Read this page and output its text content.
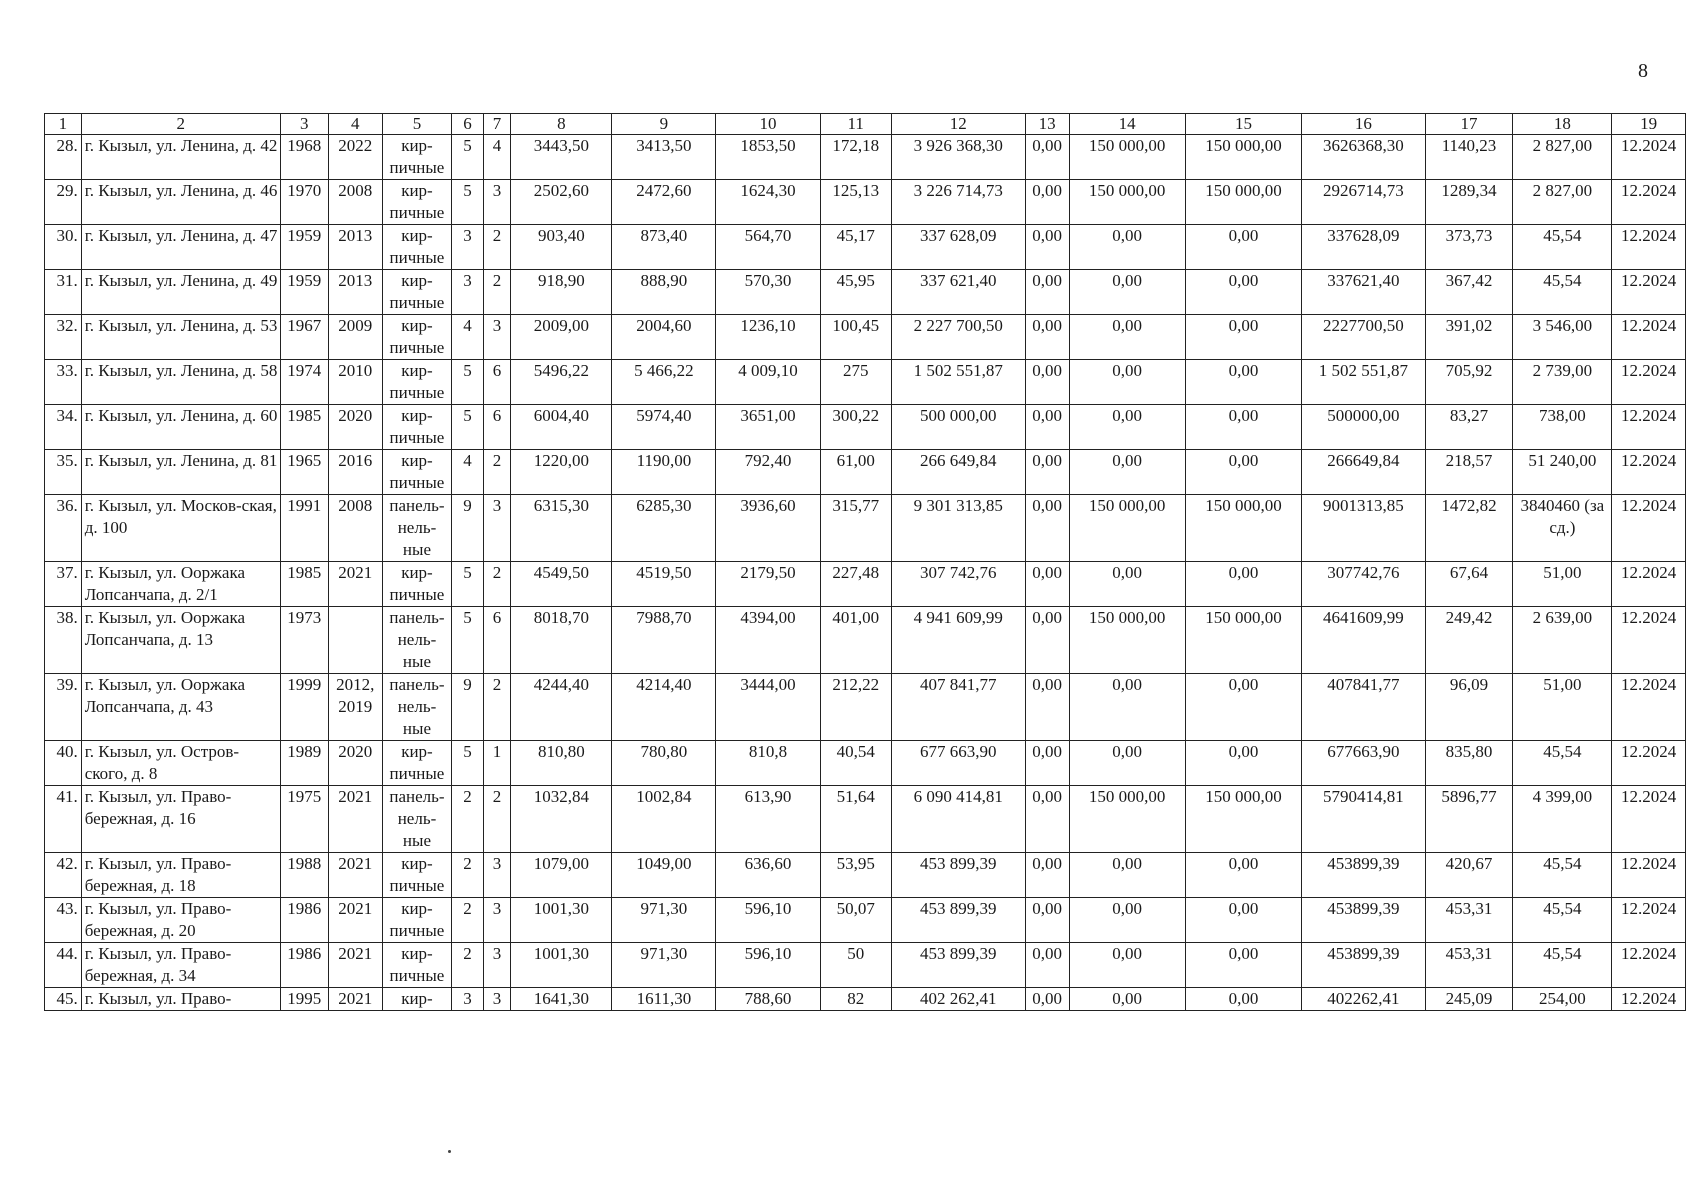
8
1	2	3	4	5	6	7	8	9	10	11	12	13	14	15	16	17	18	19
28.	г. Кызыл, ул. Ленина, д. 42	1968	2022	кир-пичные	5	4	3443,50	3413,50	1853,50	172,18	3 926 368,30	0,00	150 000,00	150 000,00	3626368,30	1140,23	2 827,00	12.2024
29.	г. Кызыл, ул. Ленина, д. 46	1970	2008	кир-пичные	5	3	2502,60	2472,60	1624,30	125,13	3 226 714,73	0,00	150 000,00	150 000,00	2926714,73	1289,34	2 827,00	12.2024
30.	г. Кызыл, ул. Ленина, д. 47	1959	2013	кир-пичные	3	2	903,40	873,40	564,70	45,17	337 628,09	0,00	0,00	0,00	337628,09	373,73	45,54	12.2024
31.	г. Кызыл, ул. Ленина, д. 49	1959	2013	кир-пичные	3	2	918,90	888,90	570,30	45,95	337 621,40	0,00	0,00	0,00	337621,40	367,42	45,54	12.2024
32.	г. Кызыл, ул. Ленина, д. 53	1967	2009	кир-пичные	4	3	2009,00	2004,60	1236,10	100,45	2 227 700,50	0,00	0,00	0,00	2227700,50	391,02	3 546,00	12.2024
33.	г. Кызыл, ул. Ленина, д. 58	1974	2010	кир-пичные	5	6	5496,22	5 466,22	4 009,10	275	1 502 551,87	0,00	0,00	0,00	1 502 551,87	705,92	2 739,00	12.2024
34.	г. Кызыл, ул. Ленина, д. 60	1985	2020	кир-пичные	5	6	6004,40	5974,40	3651,00	300,22	500 000,00	0,00	0,00	0,00	500000,00	83,27	738,00	12.2024
35.	г. Кызыл, ул. Ленина, д. 81	1965	2016	кир-пичные	4	2	1220,00	1190,00	792,40	61,00	266 649,84	0,00	0,00	0,00	266649,84	218,57	51 240,00	12.2024
36.	г. Кызыл, ул. Москов-ская, д. 100	1991	2008	панель-нель-ные	9	3	6315,30	6285,30	3936,60	315,77	9 301 313,85	0,00	150 000,00	150 000,00	9001313,85	1472,82	3840460 (за сд.)	12.2024
37.	г. Кызыл, ул. Ооржака Лопсанчапа, д. 2/1	1985	2021	кир-пичные	5	2	4549,50	4519,50	2179,50	227,48	307 742,76	0,00	0,00	0,00	307742,76	67,64	51,00	12.2024
38.	г. Кызыл, ул. Ооржака Лопсанчапа, д. 13	1973		панель-нель-ные	5	6	8018,70	7988,70	4394,00	401,00	4 941 609,99	0,00	150 000,00	150 000,00	4641609,99	249,42	2 639,00	12.2024
39.	г. Кызыл, ул. Ооржака Лопсанчапа, д. 43	1999	2012, 2019	панель-нель-ные	9	2	4244,40	4214,40	3444,00	212,22	407 841,77	0,00	0,00	0,00	407841,77	96,09	51,00	12.2024
40.	г. Кызыл, ул. Остров-ского, д. 8	1989	2020	кир-пичные	5	1	810,80	780,80	810,8	40,54	677 663,90	0,00	0,00	0,00	677663,90	835,80	45,54	12.2024
41.	г. Кызыл, ул. Право-бережная, д. 16	1975	2021	панель-нель-ные	2	2	1032,84	1002,84	613,90	51,64	6 090 414,81	0,00	150 000,00	150 000,00	5790414,81	5896,77	4 399,00	12.2024
42.	г. Кызыл, ул. Право-бережная, д. 18	1988	2021	кир-пичные	2	3	1079,00	1049,00	636,60	53,95	453 899,39	0,00	0,00	0,00	453899,39	420,67	45,54	12.2024
43.	г. Кызыл, ул. Право-бережная, д. 20	1986	2021	кир-пичные	2	3	1001,30	971,30	596,10	50,07	453 899,39	0,00	0,00	0,00	453899,39	453,31	45,54	12.2024
44.	г. Кызыл, ул. Право-бережная, д. 34	1986	2021	кир-пичные	2	3	1001,30	971,30	596,10	50	453 899,39	0,00	0,00	0,00	453899,39	453,31	45,54	12.2024
45.	г. Кызыл, ул. Право-	1995	2021	кир-	3	3	1641,30	1611,30	788,60	82	402 262,41	0,00	0,00	0,00	402262,41	245,09	254,00	12.2024
